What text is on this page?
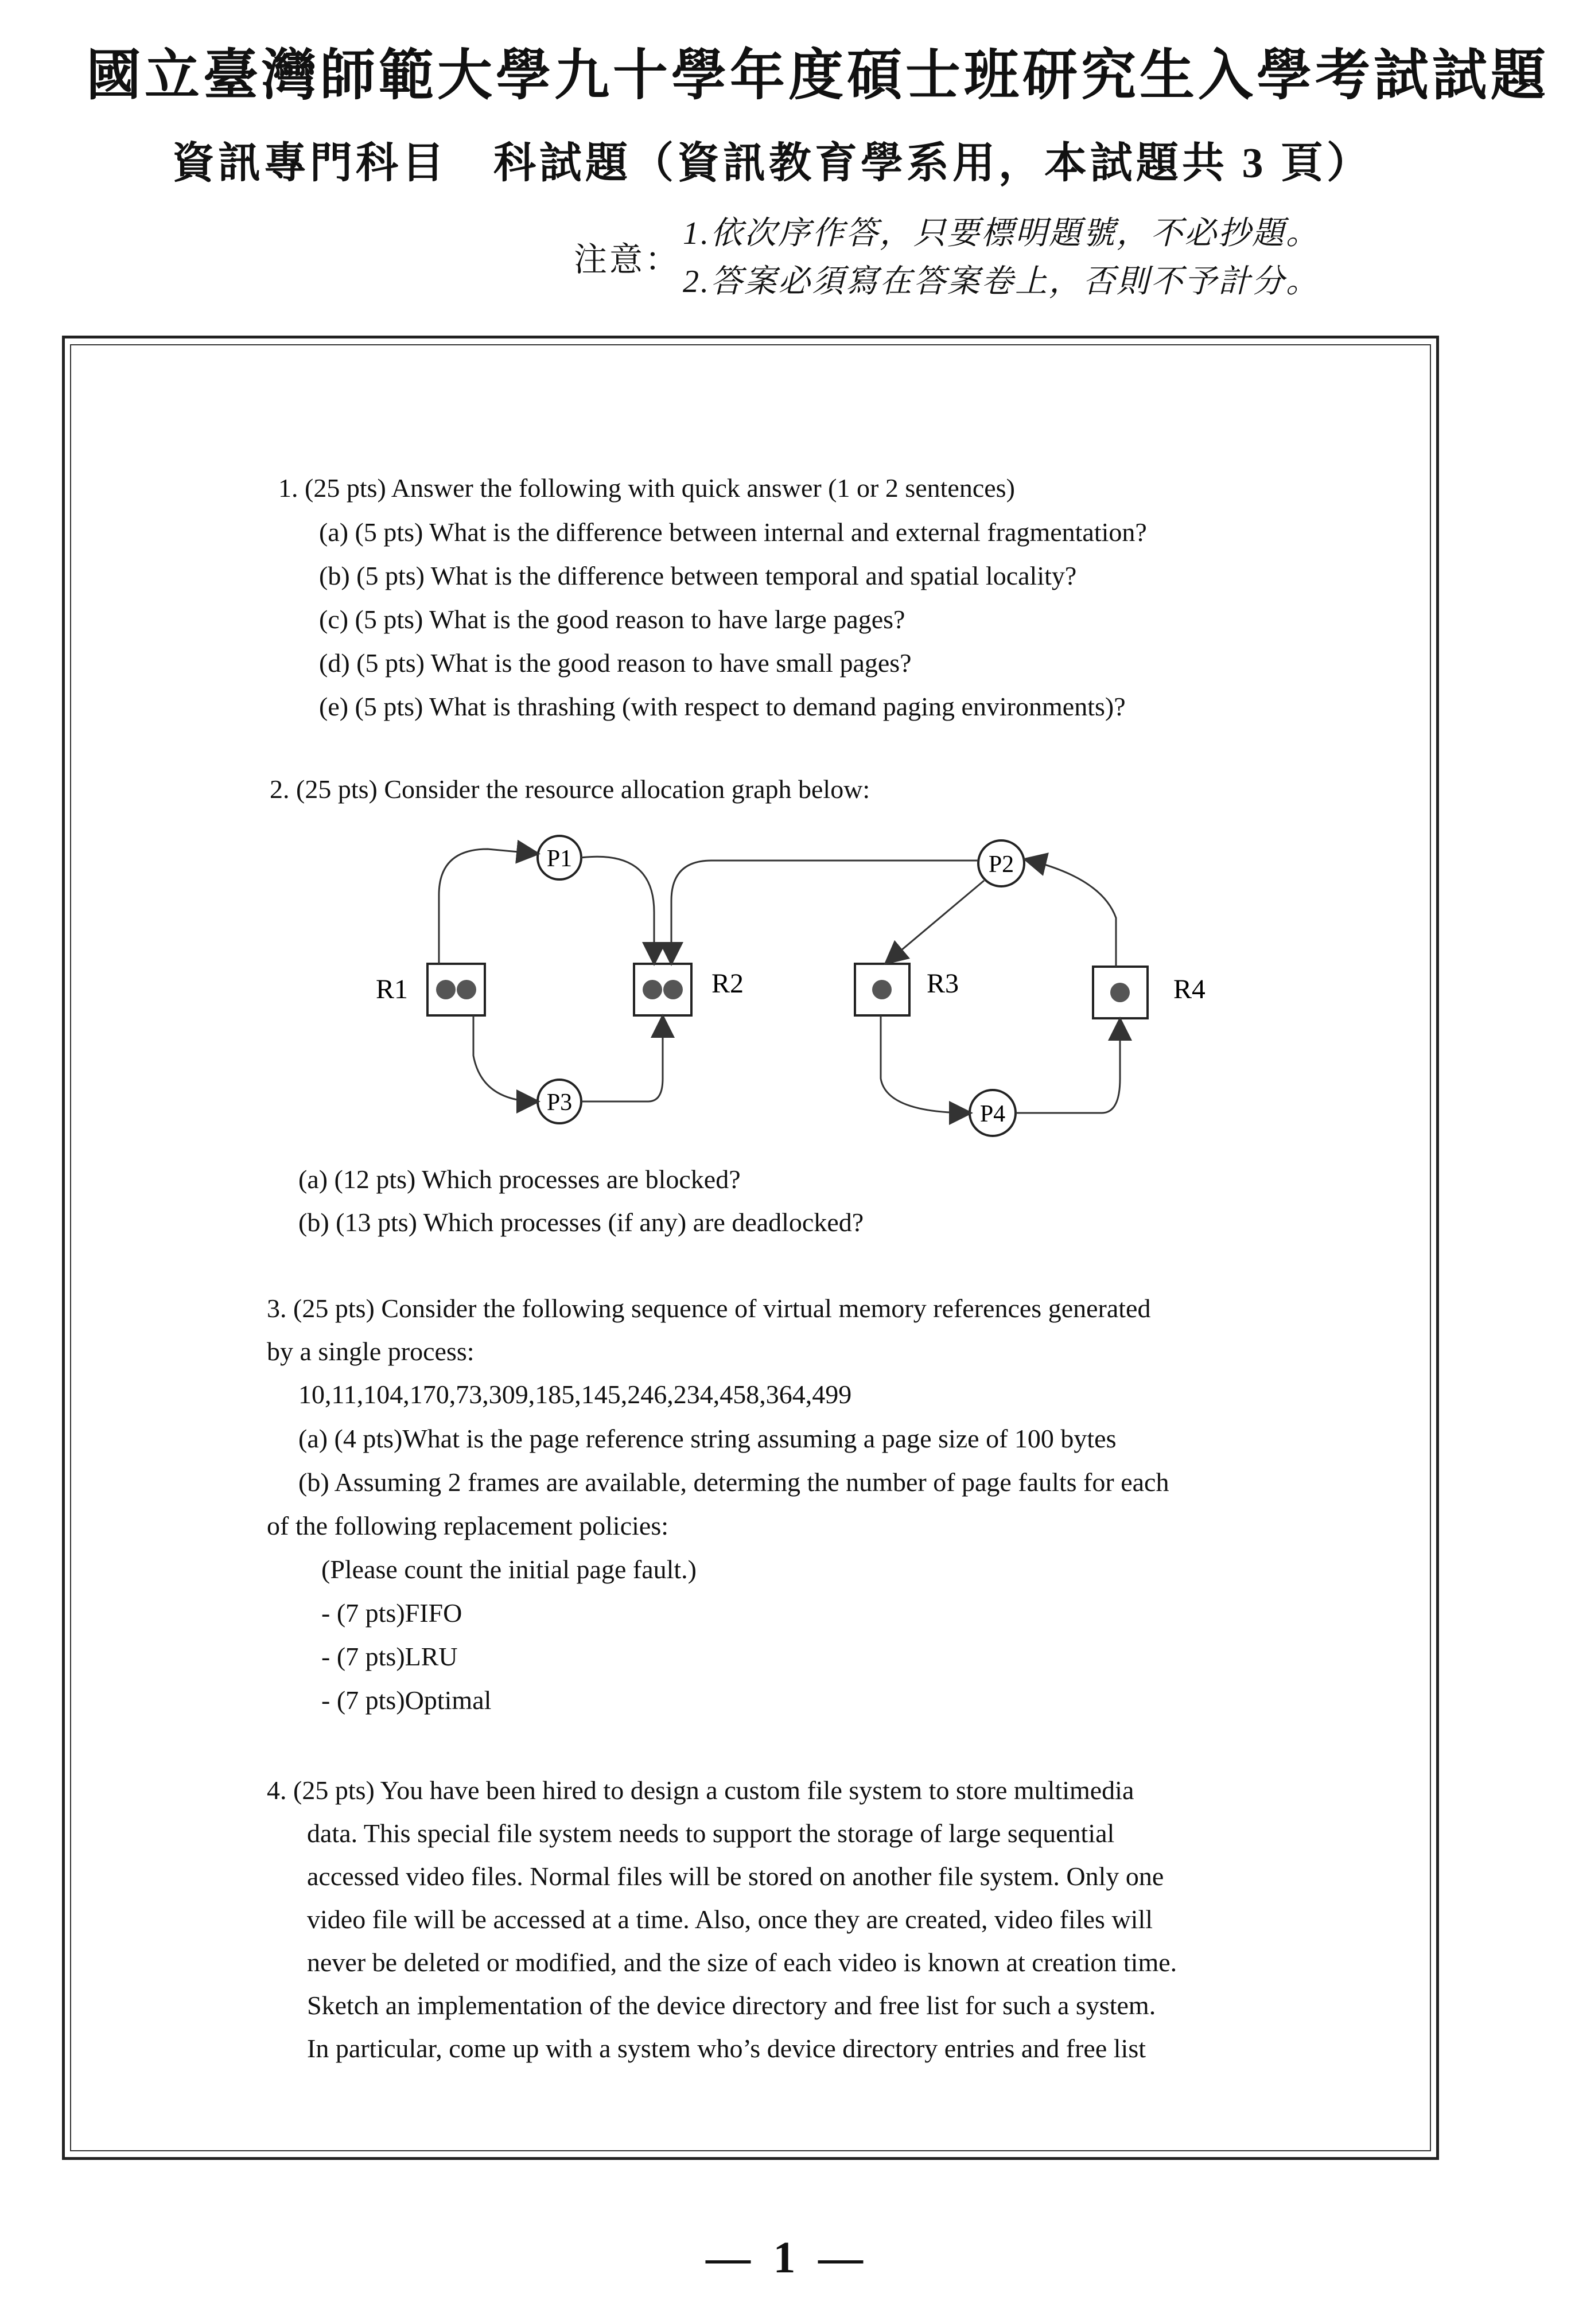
國立臺灣師範大學九十學年度碩士班研究生入學考試試題
資訊專門科目　科試題（資訊教育學系用，本試題共 3 頁）
注意：
1.依次序作答，只要標明題號，不必抄題。
2.答案必須寫在答案卷上，否則不予計分。
1. (25 pts) Answer the following with quick answer (1 or 2 sentences)
(a) (5 pts) What is the difference between internal and external fragmentation?
(b) (5 pts) What is the difference between temporal and spatial locality?
(c) (5 pts) What is the good reason to have large pages?
(d) (5 pts) What is the good reason to have small pages?
(e) (5 pts) What is thrashing (with respect to demand paging environments)?
2. (25 pts) Consider the resource allocation graph below:
R1	R2	R3	R4
P1	P2
P3	P4
(a) (12 pts) Which processes are blocked?
(b) (13 pts) Which processes (if any) are deadlocked?
3. (25 pts) Consider the following sequence of virtual memory references generated
by a single process:
10,11,104,170,73,309,185,145,246,234,458,364,499
(a) (4 pts)What is the page reference string assuming a page size of 100 bytes
(b) Assuming 2 frames are available, determing the number of page faults for each
of the following replacement policies:
(Please count the initial page fault.)
- (7 pts)FIFO
- (7 pts)LRU
- (7 pts)Optimal
4. (25 pts) You have been hired to design a custom file system to store multimedia
data. This special file system needs to support the storage of large sequential
accessed video files. Normal files will be stored on another file system. Only one
video file will be accessed at a time. Also, once they are created, video files will
never be deleted or modified, and the size of each video is known at creation time.
Sketch an implementation of the device directory and free list for such a system.
In particular, come up with a system who’s device directory entries and free list
— 1 —
